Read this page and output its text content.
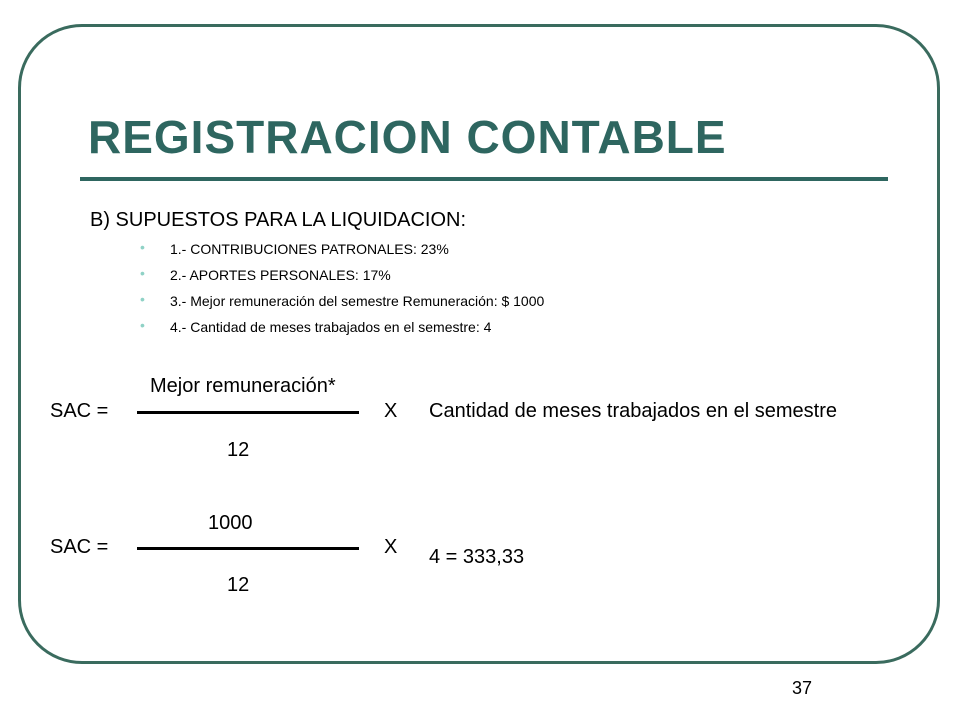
REGISTRACION CONTABLE
B) SUPUESTOS PARA LA LIQUIDACION:
• 1.- CONTRIBUCIONES PATRONALES: 23%
• 2.- APORTES PERSONALES: 17%
• 3.- Mejor remuneración del semestre Remuneración: $ 1000
• 4.- Cantidad de meses trabajados en el semestre: 4
Mejor remuneración*
SAC =	X Cantidad de meses trabajados en el semestre
12
1000
SAC =	X 4 = 333,33
12
37
